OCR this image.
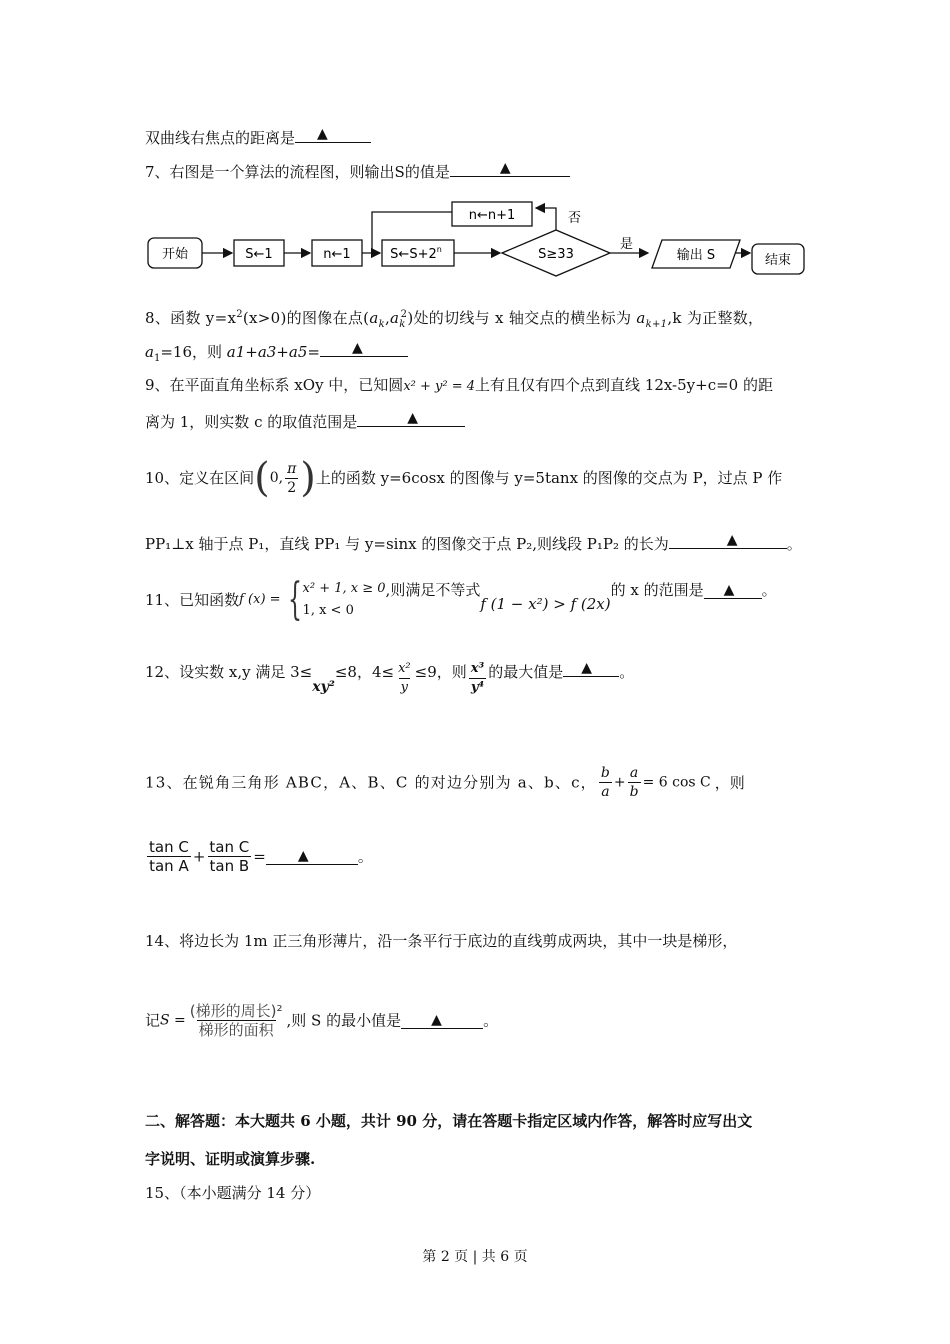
双曲线右焦点的距离是 ▲
7、右图是一个算法的流程图，则输出S的值是	▲
开始	S←1	n←1	$S\leftarrow S+2^n$	S≥33
n←n+1	否
是
输出 S	结束
8、函数 $y=x^2(x>0)$的图像在点$(a_k,a_k^2)$处的切线与 x 轴交点的横坐标为 $a_{k+1},k$ 为正整数，
$a_1=16$，则 a1+a3+a5= ▲
9、在平面直角坐标系 xOy 中，已知圆x² + y² = 4上有且仅有四个点到直线 12x-5y+c=0 的距
离为 1，则实数 c 的取值范围是	▲
10、定义在区间(0, $\frac{\pi}{2}$ )上的函数 y=6cosx 的图像与 y=5tanx 的图像的交点为 P，过点 P 作
PP₁⊥x 轴于点 P₁，直线 PP₁ 与 y=sinx 的图像交于点 P₂,则线段 P₁P₂ 的长为	▲	。
11、已知函数f (x) = { x² + 1, x ≥ 0
1, x < 0
,则满足不等式f (1 − x²) > f (2x)的 x 的范围是 ▲ 。
12、设实数 x,y 满足 3≤xy²≤8，$4\le \frac{\text{x²}}{y} \le 9$，则 $\frac{\text{x³}}{\text{y⁴}}$ 的最大值是 ▲ 。
13、在锐角三角形 ABC，A、B、C 的对边分别为 a、b、c， $\frac{b}{a} + \frac{a}{b} = 6$ cos C ，则
$\frac{\text{tan C}}{\text{tan A}} + \frac{\text{tan C}}{\text{tan B}}$ = ▲	。
14、将边长为 1m 正三角形薄片，沿一条平行于底边的直线剪成两块，其中一块是梯形，
记$S = \frac{\text{(梯形的周长)²}}{\text{梯形的面积}}$ ,则 S 的最小值是 ▲	。
二、解答题：本大题共 6 小题，共计 90 分，请在答题卡指定区域内作答，解答时应写出文
字说明、证明或演算步骤.
15、（本小题满分 14 分）
第 2 页 | 共 6 页
